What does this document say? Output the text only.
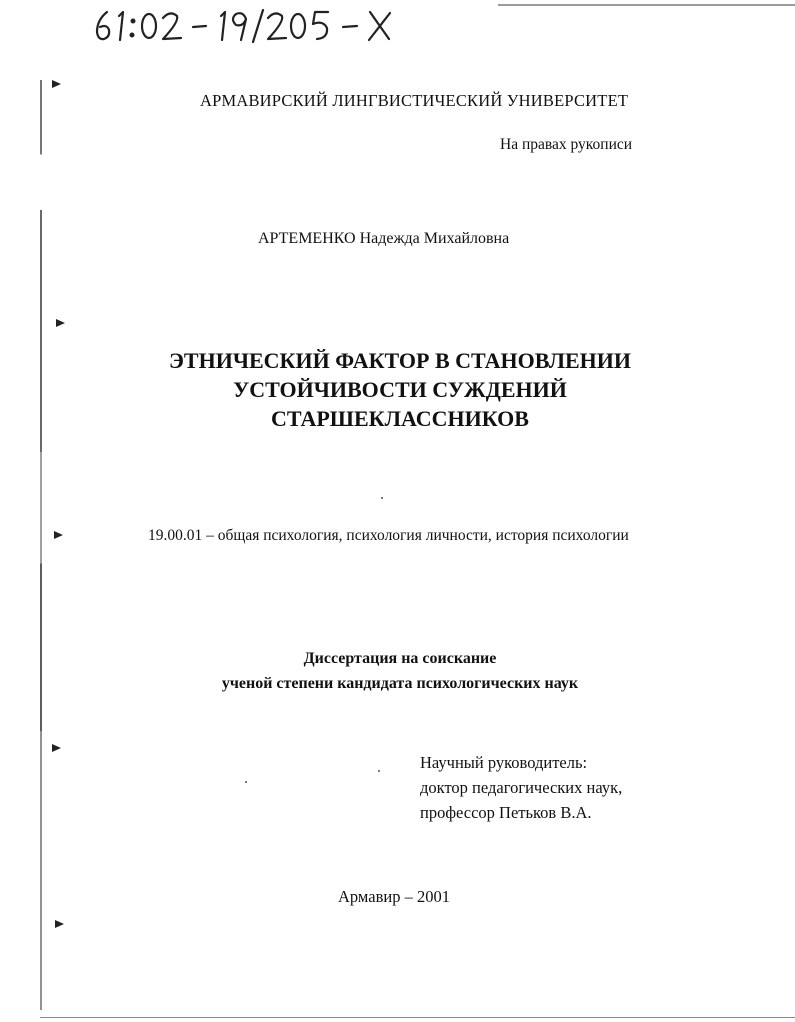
АРМАВИРСКИЙ ЛИНГВИСТИЧЕСКИЙ УНИВЕРСИТЕТ
На правах рукописи
АРТЕМЕНКО Надежда Михайловна
ЭТНИЧЕСКИЙ ФАКТОР В СТАНОВЛЕНИИ
УСТОЙЧИВОСТИ СУЖДЕНИЙ
СТАРШЕКЛАССНИКОВ
19.00.01 – общая психология, психология личности, история психологии
Диссертация на соискание
ученой степени кандидата психологических наук
Научный руководитель:
доктор педагогических наук,
профессор Петьков В.А.
Армавир – 2001
